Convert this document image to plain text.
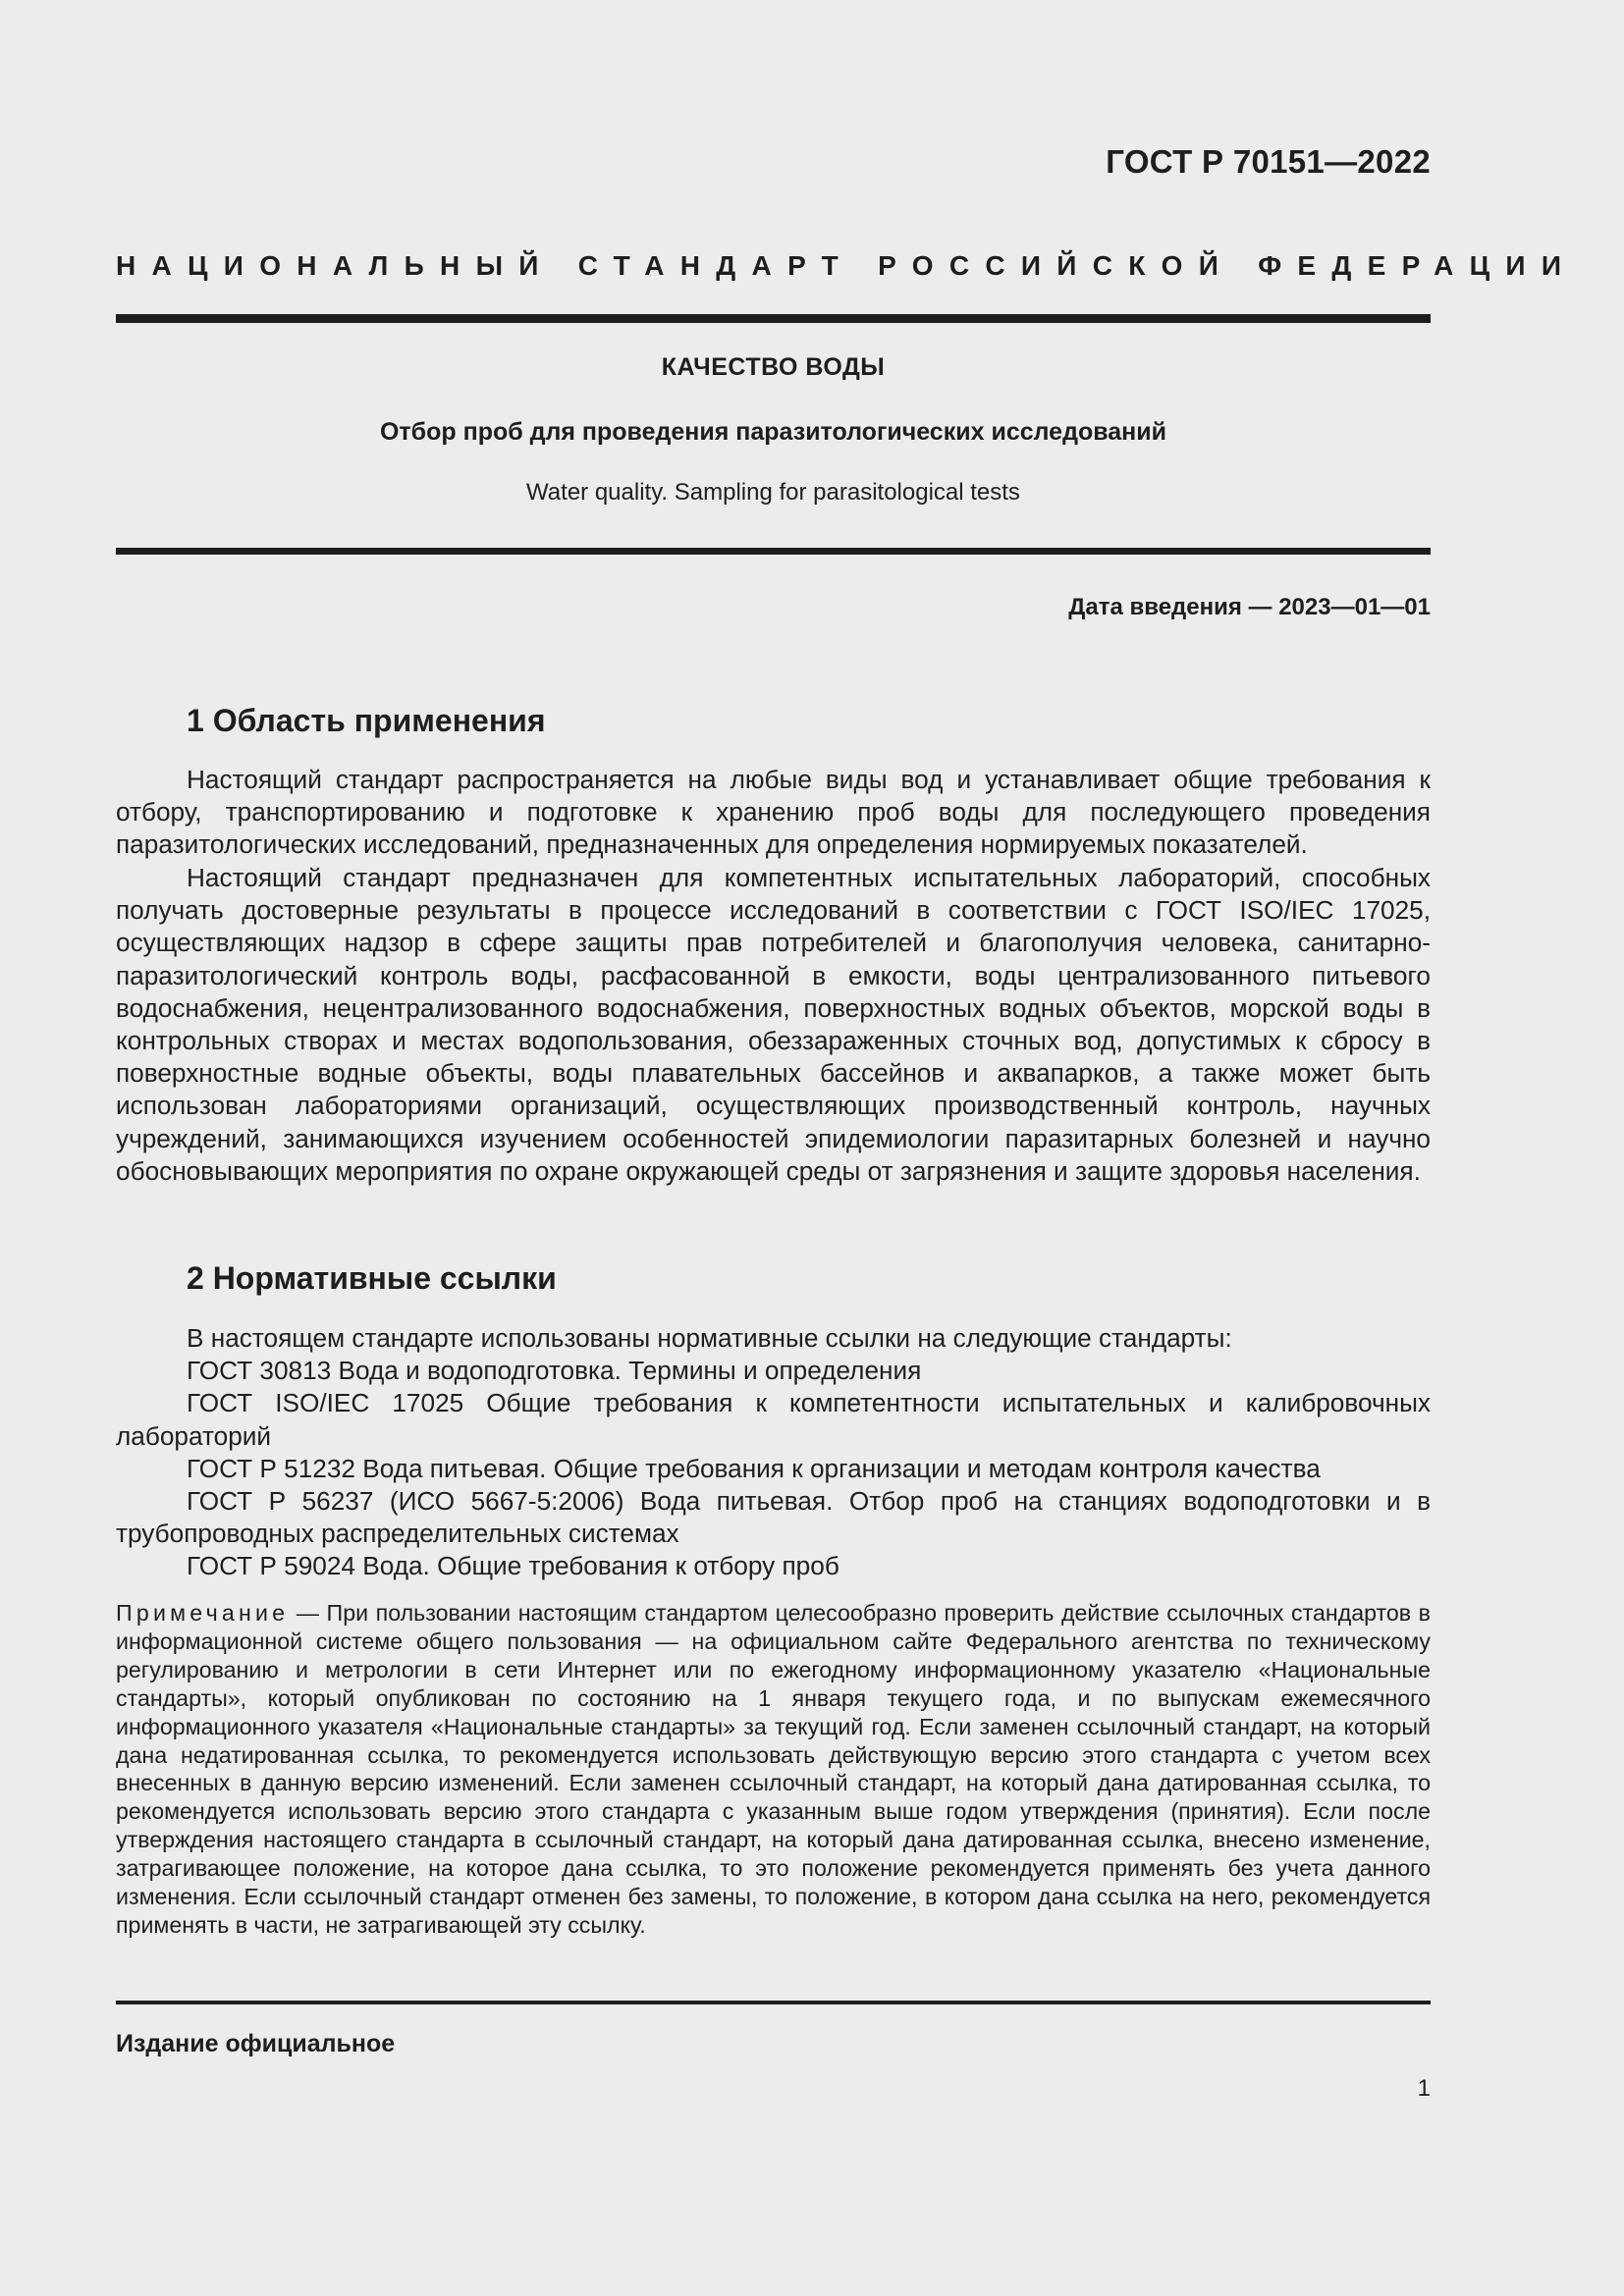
ГОСТ Р 70151—2022
НАЦИОНАЛЬНЫЙ СТАНДАРТ РОССИЙСКОЙ ФЕДЕРАЦИИ
КАЧЕСТВО ВОДЫ
Отбор проб для проведения паразитологических исследований
Water quality. Sampling for parasitological tests
Дата введения — 2023—01—01
1 Область применения

Настоящий стандарт распространяется на любые виды вод и устанавливает общие требования к отбору, транспортированию и подготовке к хранению проб воды для последующего проведения паразитологических исследований, предназначенных для определения нормируемых показателей.

Настоящий стандарт предназначен для компетентных испытательных лабораторий, способных получать достоверные результаты в процессе исследований в соответствии с ГОСТ ISO/IEC 17025, осуществляющих надзор в сфере защиты прав потребителей и благополучия человека, санитарно-паразитологический контроль воды, расфасованной в емкости, воды централизованного питьевого водоснабжения, нецентрализованного водоснабжения, поверхностных водных объектов, морской воды в контрольных створах и местах водопользования, обеззараженных сточных вод, допустимых к сбросу в поверхностные водные объекты, воды плавательных бассейнов и аквапарков, а также может быть использован лабораториями организаций, осуществляющих производственный контроль, научных учреждений, занимающихся изучением особенностей эпидемиологии паразитарных болезней и научно обосновывающих мероприятия по охране окружающей среды от загрязнения и защите здоровья населения.

2 Нормативные ссылки

В настоящем стандарте использованы нормативные ссылки на следующие стандарты:

ГОСТ 30813 Вода и водоподготовка. Термины и определения

ГОСТ ISO/IEC 17025 Общие требования к компетентности испытательных и калибровочных лабораторий

ГОСТ Р 51232 Вода питьевая. Общие требования к организации и методам контроля качества

ГОСТ Р 56237 (ИСО 5667-5:2006) Вода питьевая. Отбор проб на станциях водоподготовки и в трубопроводных распределительных системах

ГОСТ Р 59024 Вода. Общие требования к отбору проб

Примечание — При пользовании настоящим стандартом целесообразно проверить действие ссылочных стандартов в информационной системе общего пользования — на официальном сайте Федерального агентства по техническому регулированию и метрологии в сети Интернет или по ежегодному информационному указателю «Национальные стандарты», который опубликован по состоянию на 1 января текущего года, и по выпускам ежемесячного информационного указателя «Национальные стандарты» за текущий год. Если заменен ссылочный стандарт, на который дана недатированная ссылка, то рекомендуется использовать действующую версию этого стандарта с учетом всех внесенных в данную версию изменений. Если заменен ссылочный стандарт, на который дана датированная ссылка, то рекомендуется использовать версию этого стандарта с указанным выше годом утверждения (принятия). Если после утверждения настоящего стандарта в ссылочный стандарт, на который дана датированная ссылка, внесено изменение, затрагивающее положение, на которое дана ссылка, то это положение рекомендуется применять без учета данного изменения. Если ссылочный стандарт отменен без замены, то положение, в котором дана ссылка на него, рекомендуется применять в части, не затрагивающей эту ссылку.

Издание официальное
1
